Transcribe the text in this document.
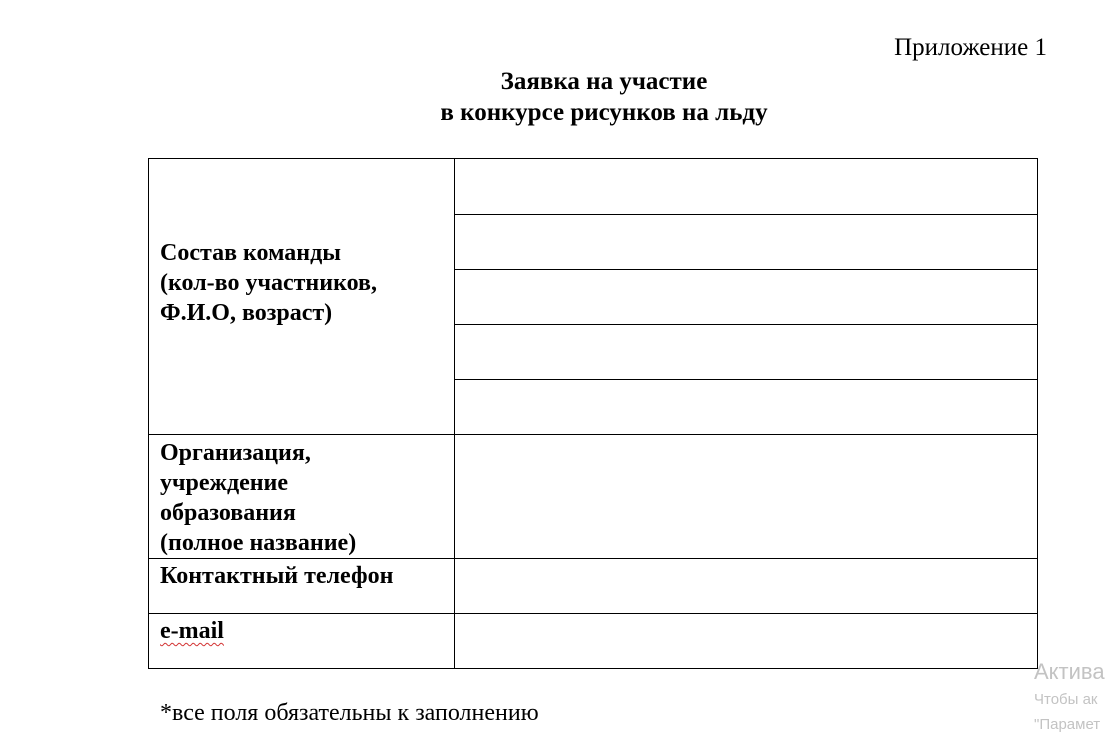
Приложение 1
Заявка на участие
в конкурсе рисунков на льду
Состав команды
(кол-во участников,
Ф.И.О, возраст)	

Организация,
учреждение
образования
(полное название)	

Контактный телефон	

e-mail	

*все поля обязательны к заполнению
Актива
Чтобы ак
"Парамет
